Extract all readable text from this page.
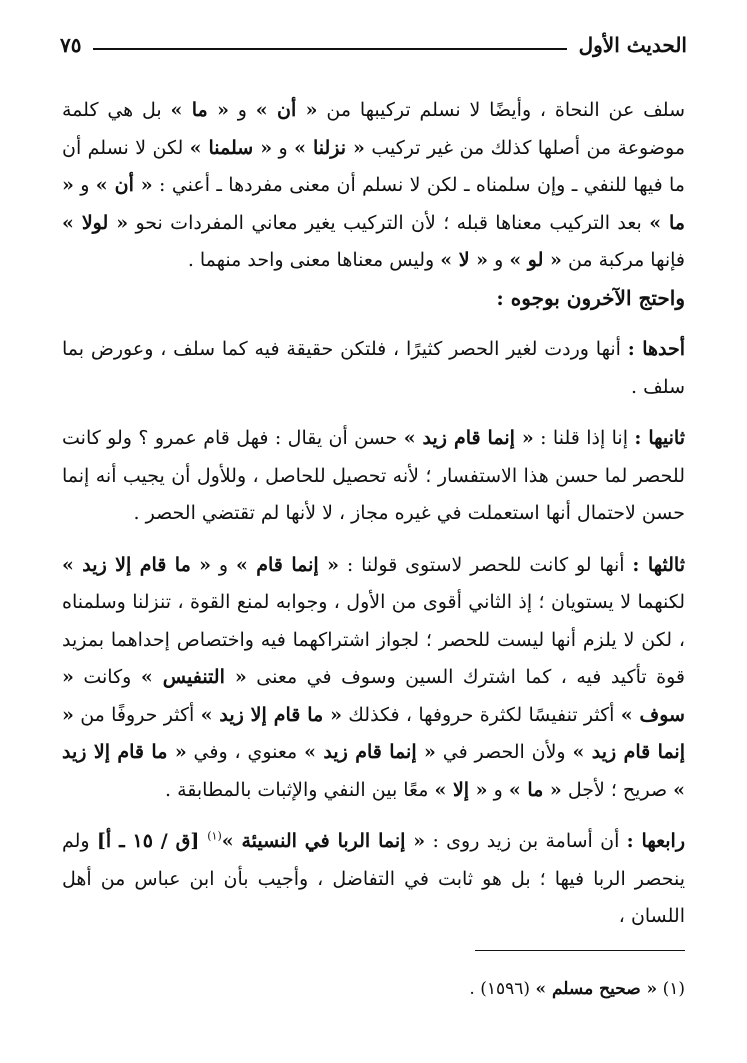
الحديث الأول
٧٥

سلف عن النحاة ، وأيضًا لا نسلم تركيبها من « أن » و « ما » بل هي كلمة موضوعة من أصلها كذلك من غير تركيب « نزلنا » و « سلمنا » لكن لا نسلم أن ما فيها للنفي ـ وإن سلمناه ـ لكن لا نسلم أن معنى مفردها ـ أعني : « أن » و « ما » بعد التركيب معناها قبله ؛ لأن التركيب يغير معاني المفردات نحو « لولا » فإنها مركبة من « لو » و « لا » وليس معناها معنى واحد منهما .

واحتج الآخرون بوجوه :

أحدها : أنها وردت لغير الحصر كثيرًا ، فلتكن حقيقة فيه كما سلف ، وعورض بما سلف .

ثانيها : إنا إذا قلنا : « إنما قام زيد » حسن أن يقال : فهل قام عمرو ؟ ولو كانت للحصر لما حسن هذا الاستفسار ؛ لأنه تحصيل للحاصل ، وللأول أن يجيب أنه إنما حسن لاحتمال أنها استعملت في غيره مجاز ، لا لأنها لم تقتضي الحصر .

ثالثها : أنها لو كانت للحصر لاستوى قولنا : « إنما قام » و « ما قام إلا زيد » لكنهما لا يستويان ؛ إذ الثاني أقوى من الأول ، وجوابه لمنع القوة ، تنزلنا وسلمناه ، لكن لا يلزم أنها ليست للحصر ؛ لجواز اشتراكهما فيه واختصاص إحداهما بمزيد قوة تأكيد فيه ، كما اشترك السين وسوف في معنى « التنفيس » وكانت « سوف » أكثر تنفيسًا لكثرة حروفها ، فكذلك « ما قام إلا زيد » أكثر حروفًا من « إنما قام زيد » ولأن الحصر في « إنما قام زيد » معنوي ، وفي « ما قام إلا زيد » صريح ؛ لأجل « ما » و « إلا » معًا بين النفي والإثبات بالمطابقة .

رابعها : أن أسامة بن زيد روى : « إنما الربا في النسيئة »$^{(١)}$ [ق / ١٥ ـ أ] ولم ينحصر الربا فيها ؛ بل هو ثابت في التفاضل ، وأجيب بأن ابن عباس من أهل اللسان ،

(١) « صحيح مسلم » (١٥٩٦) .
